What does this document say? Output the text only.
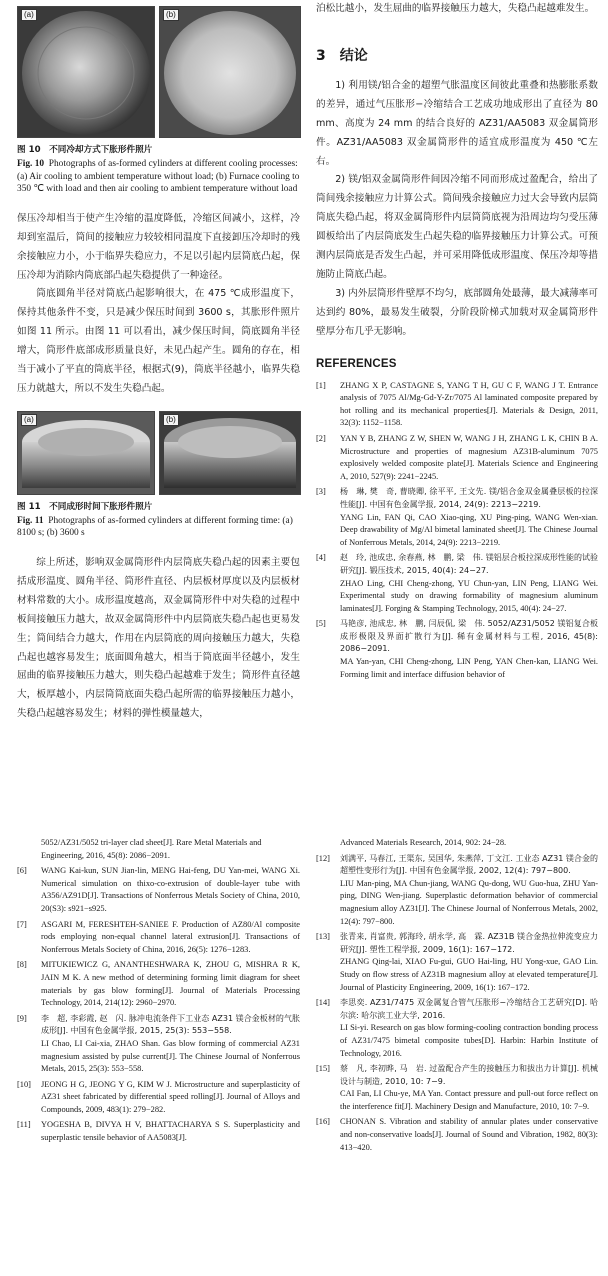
(a)	(b)

图 10　不同冷却方式下胀形件照片

Fig. 10 Photographs of as-formed cylinders at different cooling processes: (a) Air cooling to ambient temperature without load; (b) Furnace cooling to 350 ℃ with load and then air cooling to ambient temperature without load

保压冷却相当于使产生冷缩的温度降低，冷缩区间减小，这样，冷却到室温后，筒间的接触应力较较相同温度下直接卸压冷却时的残余接触应力小，小于临界失稳应力，不足以引起内层筒底凸起，保压冷却为消除内筒底部凸起失稳提供了一种途径。

筒底圆角半径对筒底凸起影响很大，在 475 ℃成形温度下，保持其他条件不变，只是减少保压时间到 3600 s，其胀形件照片如图 11 所示。由图 11 可以看出，减少保压时间，筒底圆角半径增大，筒形件底部成形质量良好，未见凸起产生。圆角的存在，相当于减小了平直的筒底半径，根据式(9)，筒底半径越小，临界失稳压力就越大，所以不发生失稳凸起。

(a)	(b)

图 11　不同成形时间下胀形件照片

Fig. 11 Photographs of as-formed cylinders at different forming time: (a) 8100 s; (b) 3600 s

综上所述，影响双金属筒形件内层筒底失稳凸起的因素主要包括成形温度、圆角半径、筒形件直径、内层板材厚度以及内层板材材料常数的大小。成形温度越高，双金属筒形件中对失稳的过程中板间接触压力越大，故双金属筒形件中内层筒底失稳凸起也更易发生；筒间结合力越大，作用在内层筒底的周向接触压力越大，失稳凸起也越容易发生；底面圆角越大，相当于筒底面半径越小，发生屈曲的临界接触压力越大，则失稳凸起越难于发生；筒形件直径越大，板厚越小，内层筒筒底面失稳凸起所需的临界接触压力越小，失稳凸起越容易发生；材料的弹性模量越大，

泊松比越小，发生屈曲的临界接触压力越大，失稳凸起越难发生。

3　结论

1) 利用镁/铝合金的超塑气胀温度区间彼此重叠和热膨胀系数的差异，通过气压胀形−冷缩结合工艺成功地成形出了直径为 80 mm、高度为 24 mm 的结合良好的 AZ31/AA5083 双金属筒形件。AZ31/AA5083 双金属筒形件的适宜成形温度为 450 ℃左右。

2) 镁/铝双金属筒形件间因冷缩不同而形成过盈配合，给出了筒间残余接触应力计算公式。筒间残余接触应力过大会导致内层筒筒底失稳凸起，将双金属筒形件内层筒筒底视为沿周边均匀受压薄圆板给出了内层筒底发生凸起失稳的临界接触压力计算公式。可预测内层筒底是否发生凸起，并可采用降低成形温度、保压冷却等措施防止筒底凸起。

3) 内外层筒形件壁厚不均匀，底部圆角处最薄，最大减薄率可达到约 80%，最易发生破裂，分阶段阶梯式加载对双金属筒形件壁厚分布几乎无影响。

REFERENCES

[1]	ZHANG X P, CASTAGNE S, YANG T H, GU C F, WANG J T. Entrance analysis of 7075 Al/Mg-Gd-Y-Zr/7075 Al laminated composite prepared by hot rolling and its mechanical properties[J]. Materials & Design, 2011, 32(3): 1152−1158.

[2]	YAN Y B, ZHANG Z W, SHEN W, WANG J H, ZHANG L K, CHIN B A. Microstructure and properties of magnesium AZ31B-aluminum 7075 explosively welded composite plate[J]. Materials Science and Engineering A, 2010, 527(9): 2241−2245.

[3]	杨　琳, 樊　奇, 曹晓卿, 徐平平, 王文先. 镁/铝合金双金属叠层板的拉深性能[J]. 中国有色金属学报, 2014, 24(9): 2213−2219.

YANG Lin, FAN Qi, CAO Xiao-qing, XU Ping-ping, WANG Wen-xian. Deep drawability of Mg/Al bimetal laminated sheet[J]. The Chinese Journal of Nonferrous Metals, 2014, 24(9): 2213−2219.

[4]	赵　玲, 池成忠, 余春燕, 林　鹏, 梁　伟. 镁铝层合板拉深成形性能的试验研究[J]. 锻压技术, 2015, 40(4): 24−27.

ZHAO Ling, CHI Cheng-zhong, YU Chun-yan, LIN Peng, LIANG Wei. Experimental study on drawing formability of magnesium aluminum laminates[J]. Forging & Stamping Technology, 2015, 40(4): 24−27.

[5]	马艳彦, 池成忠, 林　鹏, 闫辰侃, 梁　伟. 5052/AZ31/5052 镁铝复合板成形极限及界面扩散行为[J]. 稀有金属材料与工程, 2016, 45(8): 2086−2091.

MA Yan-yan, CHI Cheng-zhong, LIN Peng, YAN Chen-kan, LIANG Wei. Forming limit and interface diffusion behavior of

5052/AZ31/5052 tri-layer clad sheet[J]. Rare Metal Materials and Engineering, 2016, 45(8): 2086−2091.

[6]	WANG Kai-kun, SUN Jian-lin, MENG Hai-feng, DU Yan-mei, WANG Xi. Numerical simulation on thixo-co-extrusion of double-layer tube with A356/AZ91D[J]. Transactions of Nonferrous Metals Society of China, 2010, 20(S3): s921−s925.

[7]	ASGARI M, FERESHTEH-SANIEE F. Production of AZ80/Al composite rods employing non-equal channel lateral extrusion[J]. Transactions of Nonferrous Metals Society of China, 2016, 26(5): 1276−1283.

[8]	MITUKIEWICZ G, ANANTHESHWARA K, ZHOU G, MISHRA R K, JAIN M K. A new method of determining forming limit diagram for sheet materials by gas blow forming[J]. Journal of Materials Processing Technology, 2014, 214(12): 2960−2970.

[9]	李　超, 李彩霞, 赵　闪. 脉冲电流条件下工业态 AZ31 镁合金板材的气胀成形[J]. 中国有色金属学报, 2015, 25(3): 553−558.

LI Chao, LI Cai-xia, ZHAO Shan. Gas blow forming of commercial AZ31 magnesium assisted by pulse current[J]. The Chinese Journal of Nonferrous Metals, 2015, 25(3): 553−558.

[10]	JEONG H G, JEONG Y G, KIM W J. Microstructure and superplasticity of AZ31 sheet fabricated by differential speed rolling[J]. Journal of Alloys and Compounds, 2009, 483(1): 279−282.

[11]	YOGESHA B, DIVYA H V, BHATTACHARYA S S. Superplasticity and superplastic tensile behavior of AA5083[J].

Advanced Materials Research, 2014, 902: 24−28.

[12]	刘满平, 马春江, 王渠东, 吴国华, 朱燕萍, 丁文江. 工业态 AZ31 镁合金的超塑性变形行为[J]. 中国有色金属学报, 2002, 12(4): 797−800.

LIU Man-ping, MA Chun-jiang, WANG Qu-dong, WU Guo-hua, ZHU Yan-ping, DING Wen-jiang. Superplastic deformation behavior of commercial magnesium alloy AZ31[J]. The Chinese Journal of Nonferrous Metals, 2002, 12(4): 797−800.

[13]	张青来, 肖富贵, 郭海玲, 胡永学, 高　霖. AZ31B 镁合金热拉伸流变应力研究[J]. 塑性工程学报, 2009, 16(1): 167−172.

ZHANG Qing-lai, XIAO Fu-gui, GUO Hai-ling, HU Yong-xue, GAO Lin. Study on flow stress of AZ31B magnesium alloy at elevated temperature[J]. Journal of Plasticity Engineering, 2009, 16(1): 167−172.

[14]	李思奕. AZ31/7475 双金属复合管气压胀形−冷缩结合工艺研究[D]. 哈尔滨: 哈尔滨工业大学, 2016.

LI Si-yi. Research on gas blow forming-cooling contraction bonding process of AZ31/7475 bimetal composite tubes[D]. Harbin: Harbin Institute of Technology, 2016.

[15]	蔡　凡, 李初晔, 马　岩. 过盈配合产生的接触压力和拔出力计算[J]. 机械设计与制造, 2010, 10: 7−9.

CAI Fan, LI Chu-ye, MA Yan. Contact pressure and pull-out force reflect on the interference fit[J]. Machinery Design and Manufacture, 2010, 10: 7−9.

[16]	CHONAN S. Vibration and stability of annular plates under conservative and non-conservative loads[J]. Journal of Sound and Vibration, 1982, 80(3): 413−420.
